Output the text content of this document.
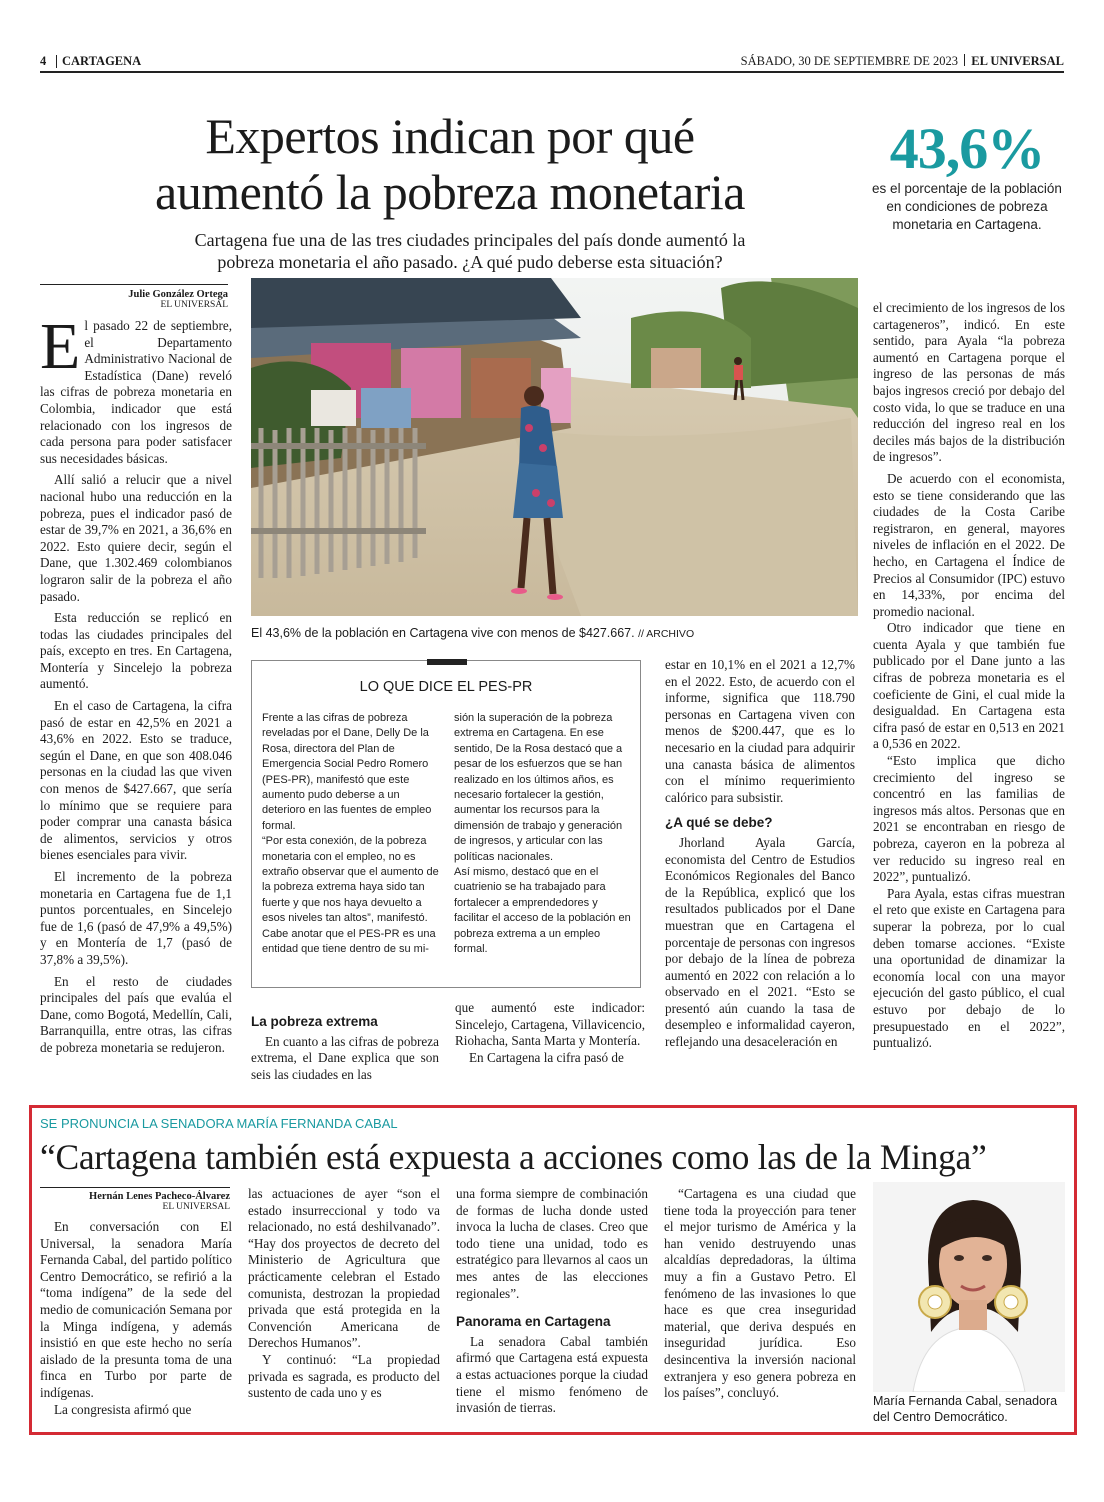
4 CARTAGENA	SÁBADO, 30 DE SEPTIEMBRE DE 2023 EL UNIVERSAL
Expertos indican por qué
aumentó la pobreza monetaria
Cartagena fue una de las tres ciudades principales del país donde aumentó la
pobreza monetaria el año pasado. ¿A qué pudo deberse esta situación?
43,6%
es el porcentaje de la población
en condiciones de pobreza
monetaria en Cartagena.
Julie González Ortega
EL UNIVERSAL

El pasado 22 de septiembre, el Departamento Administrativo Nacional de Estadística (Dane) reveló las cifras de pobreza monetaria en Colombia, indicador que está relacionado con los ingresos de cada persona para poder satisfacer sus necesidades básicas.

Allí salió a relucir que a nivel nacional hubo una reducción en la pobreza, pues el indicador pasó de estar de 39,7% en 2021, a 36,6% en 2022. Esto quiere decir, según el Dane, que 1.302.469 colombianos lograron salir de la pobreza el año pasado.

Esta reducción se replicó en todas las ciudades principales del país, excepto en tres. En Cartagena, Montería y Sincelejo la pobreza aumentó.

En el caso de Cartagena, la cifra pasó de estar en 42,5% en 2021 a 43,6% en 2022. Esto se traduce, según el Dane, en que son 408.046 personas en la ciudad las que viven con menos de $427.667, que sería lo mínimo que se requiere para poder comprar una canasta básica de alimentos, servicios y otros bienes esenciales para vivir.

El incremento de la pobreza monetaria en Cartagena fue de 1,1 puntos porcentuales, en Sincelejo fue de 1,6 (pasó de 47,9% a 49,5%) y en Montería de 1,7 (pasó de 37,8% a 39,5%).

En el resto de ciudades principales del país que evalúa el Dane, como Bogotá, Medellín, Cali, Barranquilla, entre otras, las cifras de pobreza monetaria se redujeron.

El 43,6% de la población en Cartagena vive con menos de $427.667. // ARCHIVO
LO QUE DICE EL PES-PR

Frente a las cifras de pobreza reveladas por el Dane, Delly De la Rosa, directora del Plan de Emergencia Social Pedro Romero (PES-PR), manifestó que este aumento pudo deberse a un deterioro en las fuentes de empleo formal.

“Por esta conexión, de la pobreza monetaria con el empleo, no es extraño observar que el aumento de la pobreza extrema haya sido tan fuerte y que nos haya devuelto a esos niveles tan altos”, manifestó.

Cabe anotar que el PES-PR es una entidad que tiene dentro de su mi-

sión la superación de la pobreza extrema en Cartagena. En ese sentido, De la Rosa destacó que a pesar de los esfuerzos que se han realizado en los últimos años, es necesario fortalecer la gestión, aumentar los recursos para la dimensión de trabajo y generación de ingresos, y articular con las políticas nacionales.

Así mismo, destacó que en el cuatrienio se ha trabajado para fortalecer a emprendedores y facilitar el acceso de la población en pobreza extrema a un empleo formal.

La pobreza extrema

En cuanto a las cifras de pobreza extrema, el Dane explica que son seis las ciudades en las

que aumentó este indicador: Sincelejo, Cartagena, Villavicencio, Riohacha, Santa Marta y Montería.

En Cartagena la cifra pasó de

estar en 10,1% en el 2021 a 12,7% en el 2022. Esto, de acuerdo con el informe, significa que 118.790 personas en Cartagena viven con menos de $200.447, que es lo necesario en la ciudad para adquirir una canasta básica de alimentos con el mínimo requerimiento calórico para subsistir.

¿A qué se debe?

Jhorland Ayala García, economista del Centro de Estudios Económicos Regionales del Banco de la República, explicó que los resultados publicados por el Dane muestran que en Cartagena el porcentaje de personas con ingresos por debajo de la línea de pobreza aumentó en 2022 con relación a lo observado en el 2021. “Esto se presentó aún cuando la tasa de desempleo e informalidad cayeron, reflejando una desaceleración en

el crecimiento de los ingresos de los cartageneros”, indicó. En este sentido, para Ayala “la pobreza aumentó en Cartagena porque el ingreso de las personas de más bajos ingresos creció por debajo del costo vida, lo que se traduce en una reducción del ingreso real en los deciles más bajos de la distribución de ingresos”.

De acuerdo con el economista, esto se tiene considerando que las ciudades de la Costa Caribe registraron, en general, mayores niveles de inflación en el 2022. De hecho, en Cartagena el Índice de Precios al Consumidor (IPC) estuvo en 14,33%, por encima del promedio nacional.

Otro indicador que tiene en cuenta Ayala y que también fue publicado por el Dane junto a las cifras de pobreza monetaria es el coeficiente de Gini, el cual mide la desigualdad. En Cartagena esta cifra pasó de estar en 0,513 en 2021 a 0,536 en 2022.

“Esto implica que dicho crecimiento del ingreso se concentró en las familias de ingresos más altos. Personas que en 2021 se encontraban en riesgo de pobreza, cayeron en la pobreza al ver reducido su ingreso real en 2022”, puntualizó.

Para Ayala, estas cifras muestran el reto que existe en Cartagena para superar la pobreza, por lo cual deben tomarse acciones. “Existe una oportunidad de dinamizar la economía local con una mayor ejecución del gasto público, el cual estuvo por debajo de lo presupuestado en el 2022”, puntualizó.

SE PRONUNCIA LA SENADORA MARÍA FERNANDA CABAL
“Cartagena también está expuesta a acciones como las de la Minga”
Hernán Lenes Pacheco-Álvarez
EL UNIVERSAL

En conversación con El Universal, la senadora María Fernanda Cabal, del partido político Centro Democrático, se refirió a la “toma indígena” de la sede del medio de comunicación Semana por la Minga indígena, y además insistió en que este hecho no sería aislado de la presunta toma de una finca en Turbo por parte de indígenas.

La congresista afirmó que

las actuaciones de ayer “son el estado insurreccional y todo va relacionado, no está deshilvanado”. “Hay dos proyectos de decreto del Ministerio de Agricultura que prácticamente celebran el Estado comunista, destrozan la propiedad privada que está protegida en la Convención Americana de Derechos Humanos”.

Y continuó: “La propiedad privada es sagrada, es producto del sustento de cada uno y es

una forma siempre de combinación de formas de lucha donde usted invoca la lucha de clases. Creo que todo tiene una unidad, todo es estratégico para llevarnos al caos un mes antes de las elecciones regionales”.

Panorama en Cartagena

La senadora Cabal también afirmó que Cartagena está expuesta a estas actuaciones porque la ciudad tiene el mismo fenómeno de invasión de tierras.

“Cartagena es una ciudad que tiene toda la proyección para tener el mejor turismo de América y la han venido destruyendo unas alcaldías depredadoras, la última muy a fin a Gustavo Petro. El fenómeno de las invasiones lo que hace es que crea inseguridad material, que deriva después en inseguridad jurídica. Eso desincentiva la inversión nacional extranjera y eso genera pobreza en los países”, concluyó.

María Fernanda Cabal, senadora
del Centro Democrático.
